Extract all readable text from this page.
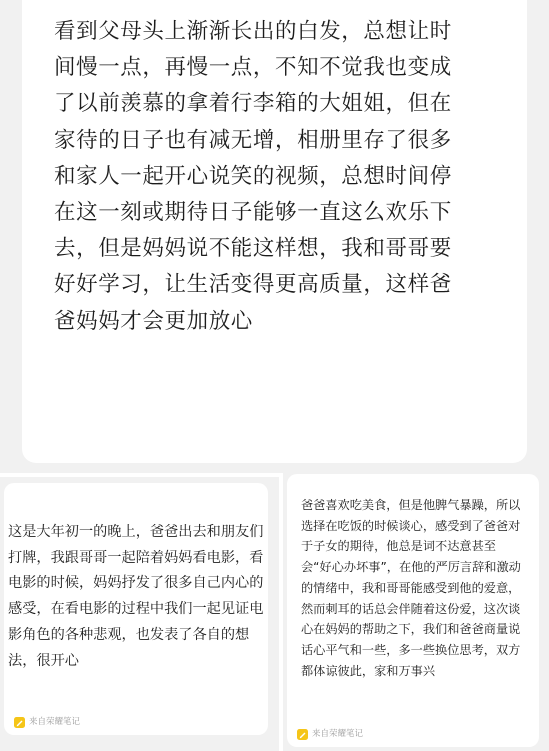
看到父母头上渐渐长出的白发，总想让时
间慢一点，再慢一点，不知不觉我也变成
了以前羡慕的拿着行李箱的大姐姐，但在
家待的日子也有减无增，相册里存了很多
和家人一起开心说笑的视频，总想时间停
在这一刻或期待日子能够一直这么欢乐下
去，但是妈妈说不能这样想，我和哥哥要
好好学习，让生活变得更高质量，这样爸
爸妈妈才会更加放心

这是大年初一的晚上，爸爸出去和朋友们
打牌，我跟哥哥一起陪着妈妈看电影，看
电影的时候，妈妈抒发了很多自己内心的
感受，在看电影的过程中我们一起见证电
影角色的各种悲观，也发表了各自的想
法，很开心

来自荣耀笔记

爸爸喜欢吃美食，但是他脾气暴躁，所以
选择在吃饭的时候谈心，感受到了爸爸对
于子女的期待，他总是词不达意甚至
会“好心办坏事”，在他的严厉言辞和激动
的情绪中，我和哥哥能感受到他的爱意，
然而刺耳的话总会伴随着这份爱，这次谈
心在妈妈的帮助之下，我们和爸爸商量说
话心平气和一些，多一些换位思考，双方
都体谅彼此，家和万事兴

来自荣耀笔记
